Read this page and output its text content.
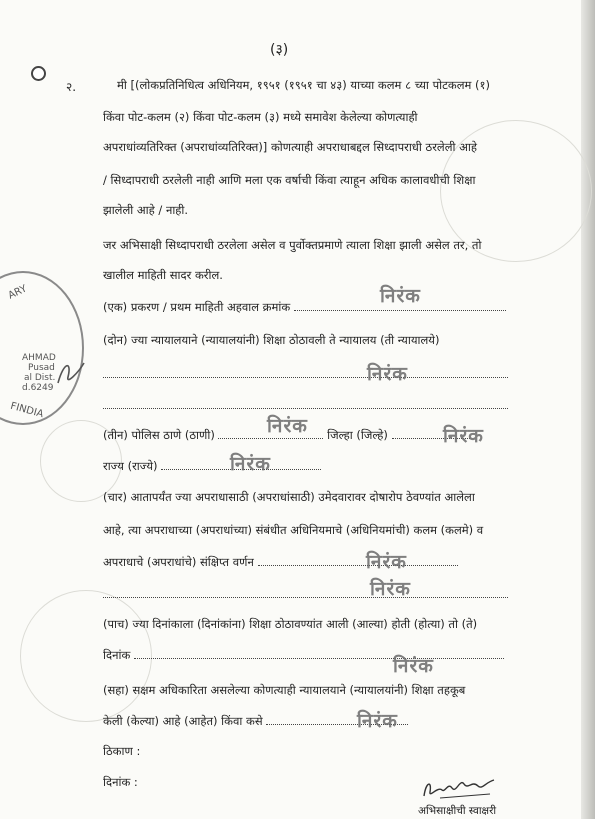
ARY
AHMAD
Pusad
al Dist.
d.6249
FINDIA
(३)
२.	मी [(लोकप्रतिनिधित्व अधिनियम, १९५१ (१९५१ चा ४३) याच्या कलम ८ च्या पोटकलम (१)
किंवा पोट-कलम (२) किंवा पोट-कलम (३) मध्ये समावेश केलेल्या कोणत्याही
अपराधांव्यतिरिक्त (अपराधांव्यतिरिक्त)] कोणत्याही अपराधाबद्दल सिध्दापराधी ठरलेली आहे
/ सिध्दापराधी ठरलेली नाही आणि मला एक वर्षाची किंवा त्याहून अधिक कालावधीची शिक्षा
झालेली आहे / नाही.
जर अभिसाक्षी सिध्दापराधी ठरलेला असेल व पुर्वोक्तप्रमाणे त्याला शिक्षा झाली असेल तर, तो
खालील माहिती सादर करील.
(एक) प्रकरण / प्रथम माहिती अहवाल क्रमांक	निरंक
(दोन) ज्या न्यायालयाने (न्यायालयांनी) शिक्षा ठोठावली ते न्यायालय (ती न्यायालये)
निरंक
(तीन) पोलिस ठाणे (ठाणी)	जिल्हा (जिल्हे)
निरंक	निरंक
राज्य (राज्ये)	निरंक
(चार) आतापर्यंत ज्या अपराधासाठी (अपराधांसाठी) उमेदवारावर दोषारोप ठेवण्यांत आलेला
आहे, त्या अपराधाच्या (अपराधांच्या) संबंधीत अधिनियमाचे (अधिनियमांची) कलम (कलमे) व
अपराधाचे (अपराधांचे) संक्षिप्त वर्णन	निरंक
निरंक
(पाच) ज्या दिनांकाला (दिनांकांना) शिक्षा ठोठावण्यांत आली (आल्या) होती (होत्या) तो (ते)
दिनांक	निरंक
(सहा) सक्षम अधिकारिता असलेल्या कोणत्याही न्यायालयाने (न्यायालयांनी) शिक्षा तहकूब
केली (केल्या) आहे (आहेत) किंवा कसे	निरंक
ठिकाण :
दिनांक :
अभिसाक्षीची स्वाक्षरी
